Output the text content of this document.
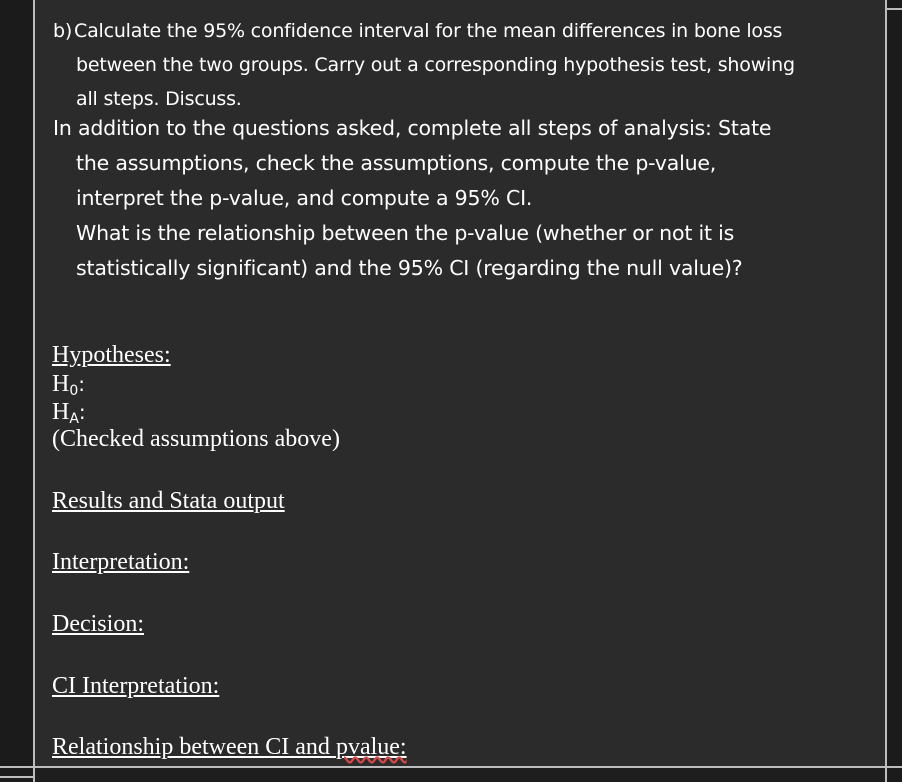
b) Calculate the 95% confidence interval for the mean differences in bone loss
between the two groups. Carry out a corresponding hypothesis test, showing
all steps. Discuss.
In addition to the questions asked, complete all steps of analysis: State
the assumptions, check the assumptions, compute the p-value,
interpret the p-value, and compute a 95% CI.
What is the relationship between the p-value (whether or not it is
statistically significant) and the 95% CI (regarding the null value)?
Hypotheses:
$H_0$:
$H_A$:
(Checked assumptions above)
Results and Stata output
Interpretation:
Decision:
CI Interpretation:
Relationship between CI and pvalue:
